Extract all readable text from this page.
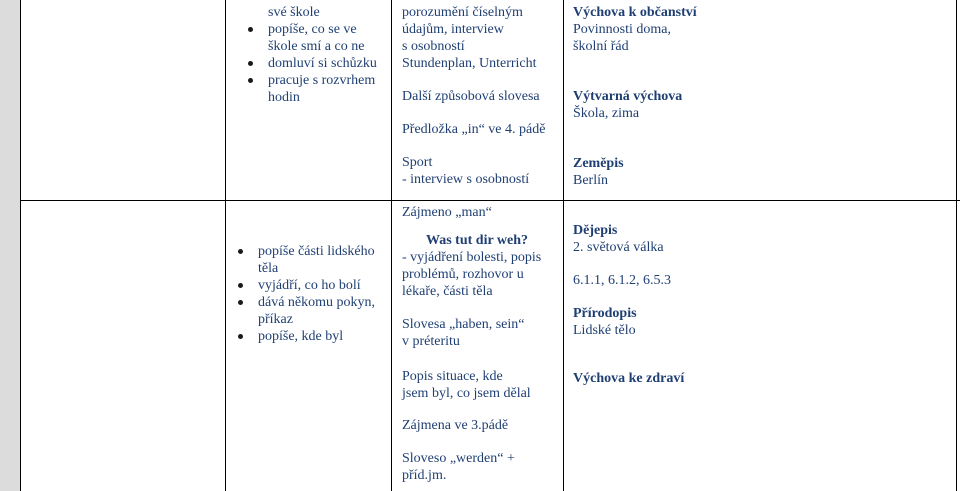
své škole
popíše, co se ve
škole smí a co ne
domluví si schůzku
pracuje s rozvrhem
hodin
popíše části lidského
těla
vyjádří, co ho bolí
dává někomu pokyn,
příkaz
popíše, kde byl
porozumění číselným
údajům, interview
s osobností
Stundenplan, Unterricht
Další způsobová slovesa
Předložka „in“ ve 4. pádě
Sport
- interview s osobností
Zájmeno „man“
Was tut dir weh?
- vyjádření bolesti, popis
problémů, rozhovor u
lékaře, části těla
Slovesa „haben, sein“
v préteritu
Popis situace, kde
jsem byl, co jsem dělal
Zájmena ve 3.pádě
Sloveso „werden“ +
příd.jm.
Výchova k občanství
Povinnosti doma,
školní řád
Výtvarná výchova
Škola, zima
Zeměpis
Berlín
Dějepis
2. světová válka
6.1.1, 6.1.2, 6.5.3
Přírodopis
Lidské tělo
Výchova ke zdraví
